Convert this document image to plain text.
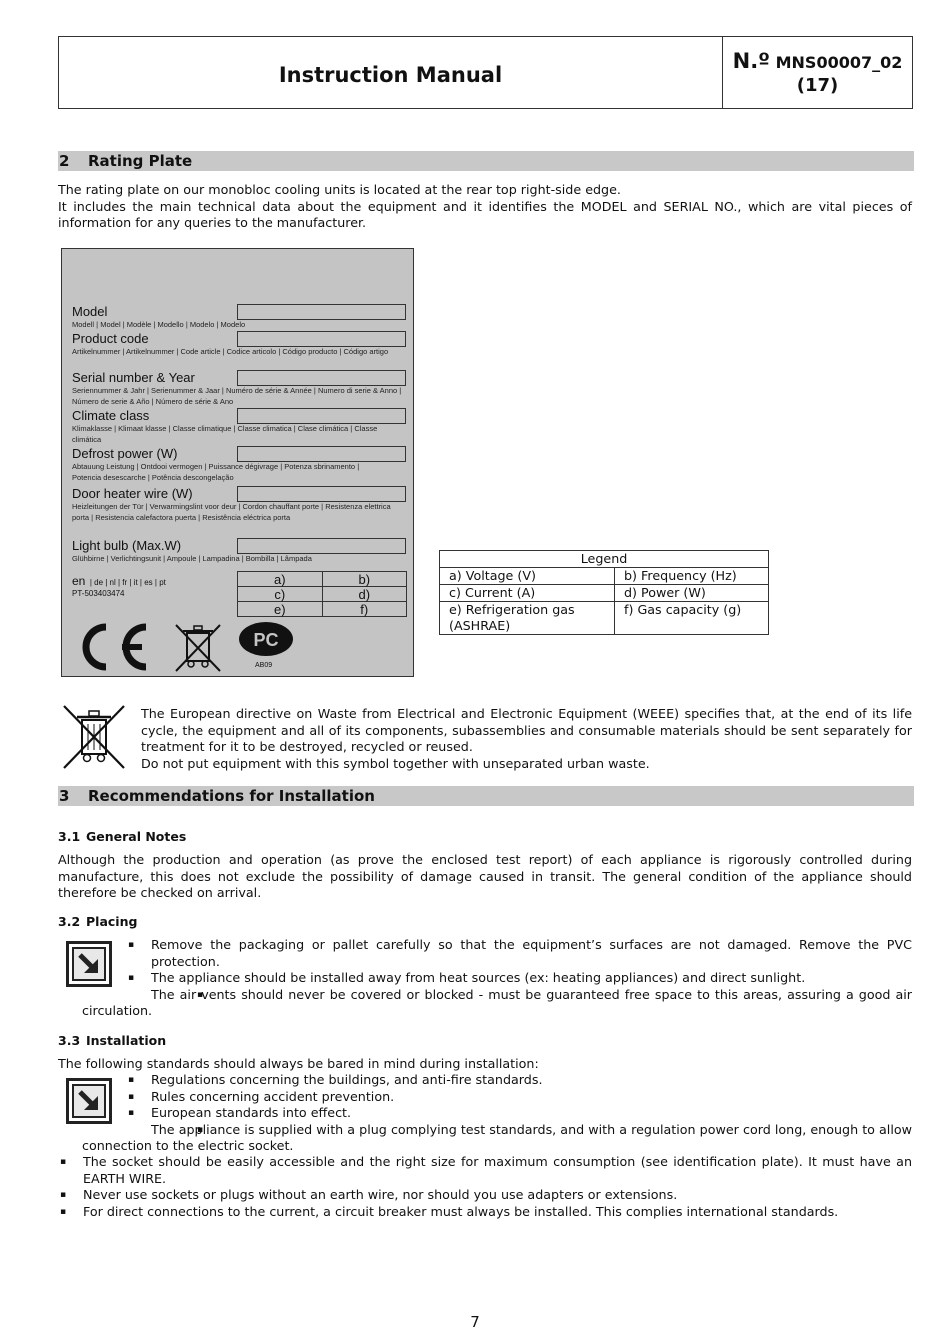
Instruction Manual
N.º MNS00007_02
(17)
2 Rating Plate
The rating plate on our monobloc cooling units is located at the rear top right-side edge.
It includes the main technical data about the equipment and it identifies the MODEL and SERIAL NO., which are vital pieces of information for any queries to the manufacturer.
Model
Modell | Model | Modèle | Modello | Modelo | Modelo
Product code
Artikelnummer | Artikelnummer | Code article | Codice articolo | Código producto | Código artigo
Serial number & Year
Seriennummer & Jahr | Serienummer & Jaar | Numéro de série & Année | Numero di serie & Anno | Número de serie & Año | Número de série & Ano
Climate class
Klimaklasse | Klimaat klasse | Classe climatique | Classe climatica | Clase climática | Classe climática
Defrost power (W)
Abtauung Leistung | Ontdooi vermogen | Puissance dégivrage | Potenza sbrinamento | Potencia desescarche | Potência descongelação
Door heater wire (W)
Heizleitungen der Tür | Verwarmingslint voor deur | Cordon chauffant porte | Resistenza elettrica porta | Resistencia calefactora puerta | Resistência eléctrica porta
Light bulb (Max.W)
Glühbirne | Verlichtingsunit | Ampoule | Lampadina | Bombilla | Lâmpada
en | de | nl | fr | it | es | pt
PT-503403474
a)	b)
c)	d)
e)	f)
PC
AB09
Legend	
a) Voltage (V)	b) Frequency (Hz)
c) Current (A)	d) Power (W)
e) Refrigeration gas (ASHRAE)	f) Gas capacity (g)
The European directive on Waste from Electrical and Electronic Equipment (WEEE) specifies that, at the end of its life cycle, the equipment and all of its components, subassemblies and consumable materials should be sent separately for treatment for it to be destroyed, recycled or reused.
Do not put equipment with this symbol together with unseparated urban waste.
3 Recommendations for Installation
3.1 General Notes
Although the production and operation (as prove the enclosed test report) of each appliance is rigorously controlled during manufacture, this does not exclude the possibility of damage caused in transit. The general condition of the appliance should therefore be checked on arrival.
3.2 Placing
▪ Remove the packaging or pallet carefully so that the equipment’s surfaces are not damaged. Remove the PVC protection.
▪ The appliance should be installed away from heat sources (ex: heating appliances) and direct sunlight.
▪ The air vents should never be covered or blocked - must be guaranteed free space to this areas, assuring a good air circulation.
3.3 Installation
The following standards should always be bared in mind during installation:
▪ Regulations concerning the buildings, and anti-fire standards.
▪ Rules concerning accident prevention.
▪ European standards into effect.
▪ The appliance is supplied with a plug complying test standards, and with a regulation power cord long, enough to allow connection to the electric socket.
▪ The socket should be easily accessible and the right size for maximum consumption (see identification plate). It must have an EARTH WIRE.
▪ Never use sockets or plugs without an earth wire, nor should you use adapters or extensions.
▪ For direct connections to the current, a circuit breaker must always be installed. This complies international standards.
7
